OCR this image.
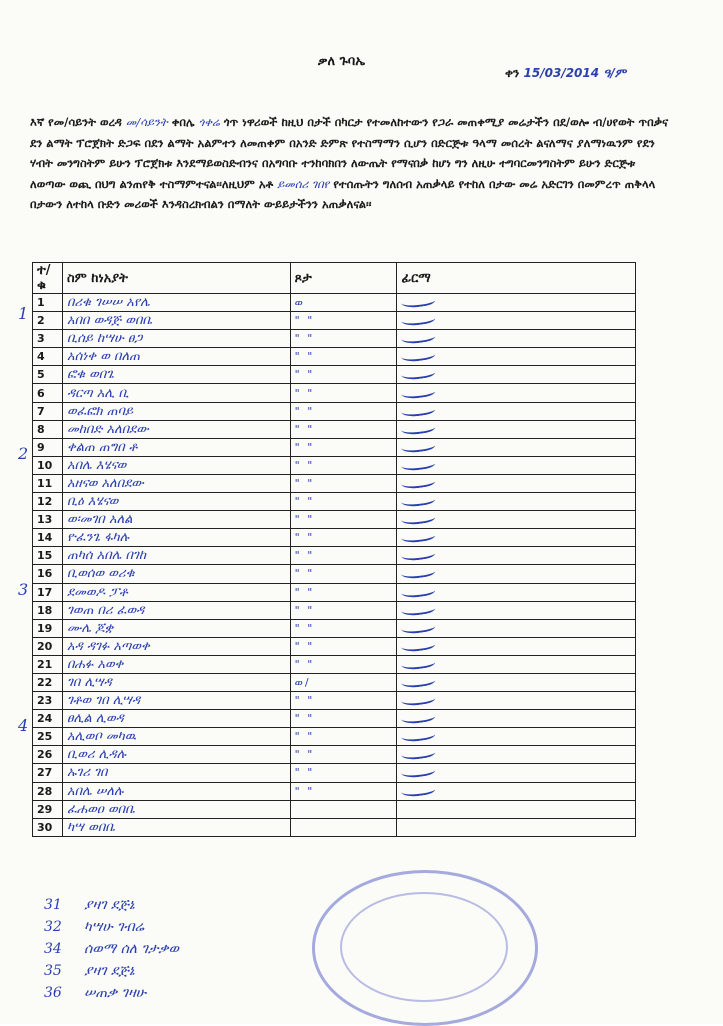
ቃለ ጉባኤ
ቀን 15/03/2014 ዓ/ም
እኛ የመ/ሳይንት ወረዳ መ/ሳይንት ቀበሌ ጎቀሬ ጎጥ ነዋሪወች ከዚህ በታች በካርታ የተመለከተውን የጋራ መጠቀሚያ መሬታችን በደ/ወሎ ብ/ሀየወት ጥበቃና ደን ልማት ፕሮጀክት ድጋፍ በደን ልማት አልምተን ለመጠቀም በአንድ ድምጽ የተስማማን ሲሆን በድርጅቱ ዓላማ መሰረት ልናለማና ያለማነዉንም የደን ሃብት መንግስትም ይሁን ፕሮጀክቱ እንደማይወስድብንና በአግባቡ ተንከባክበን ለውጤት የማናበቃ ከሆነ ግን ለዚሁ ተግባርመንግስትም ይሁን ድርጅቱ ለወጣው ወጪ በህግ ልንጠየቅ ተስማምተናል፡፡ለዚህም አቶ ይመሰሪ ገበየ የተሰጡትን ግለሰብ አጠቃላይ የተከለ በታው መሬ አድርገን በመምረጥ ጠቅላላ በታውን ለተከላ ቡድን መሪወች እንዳስረክብልን በማለት ውይይታችንን አጠቃለናል፡፡
ተ/ቁ	ስም ከነአያት	ጾታ	ፊርማ
1	በሪቁ ገሠሠ አየሌ	ወ	
2	አበበ ወዳጅ ወበቤ	" "	
3	ቢሰይ ከሣሁ ፀጋ	" "	
4	አሰነቀ ወ በለጠ	" "	
5	ፎቁ ወበጌ	" "	
6	ዳርጣ አሊ ቢ	" "	
7	ወፈፎክ ጠባይ	" "	
8	መከበድ አለበደው	" "	
9	ቀልጠ ጠግበ ቶ	" "	
10	አበሌ እሄናወ	" "	
11	አዘናወ አለበደው	" "	
12	ቢዕ እሄናወ	" "	
13	ወ፡መገበ አለል	" "	
14	ዮፈንጌ ፋካሉ	" "	
15	ጠካሰ አበሌ በገከ	" "	
16	ቢወሰወ ወሪቁ	" "	
17	ደመወዶ ፓቶ	" "	
18	ገወጠ በሪ ፈወዳ	" "	
19	ሙሌ ጆቋ	" "	
20	አዳ ዳገፉ አጣወቀ	" "	
21	በሐፉ አወቀ	" "	
22	ገበ ሊሣዳ	ወ/	
23	ገቶወ ገበ ሊሣዳ	" "	
24	ፀሊል ሊወዳ	" "	
25	አሊወቦ መካዉ	" "	
26	ቢወሪ ሊዳሉ	" "	
27	ኡገሪ ገበ	" "	
28	አበሌ ሠለሉ	" "	
29	ፈሐወዐ ወበቤ		
30	ካሣ ወበቤ		
1
2
3
4
31 ያዛገ ደጅኔ
32 ካሣሁ ገብሬ
34 ሰወማ ሰለ ገታቃወ
35 ያዛገ ደጅኔ
36 ሠጠቃ ገዛሁ
